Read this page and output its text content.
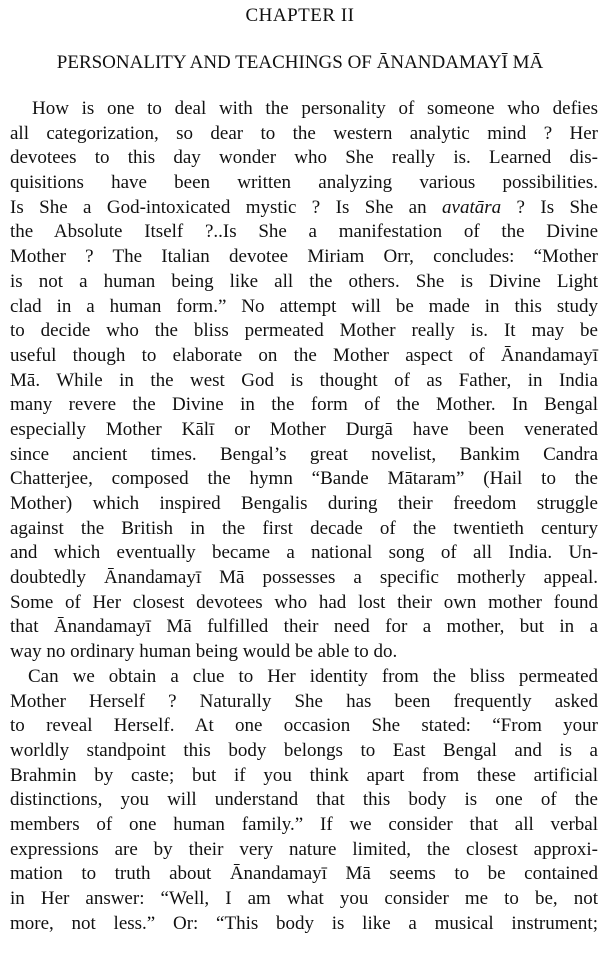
CHAPTER II
PERSONALITY AND TEACHINGS OF ĀNANDAMAYĪ MĀ
How is one to deal with the personality of someone who defies
all categorization, so dear to the western analytic mind ? Her
devotees to this day wonder who She really is. Learned dis-
quisitions have been written analyzing various possibilities.
Is She a God-intoxicated mystic ? Is She an avatāra ? Is She
the Absolute Itself ?..Is She a manifestation of the Divine
Mother ? The Italian devotee Miriam Orr, concludes: “Mother
is not a human being like all the others. She is Divine Light
clad in a human form.” No attempt will be made in this study
to decide who the bliss permeated Mother really is. It may be
useful though to elaborate on the Mother aspect of Ānandamayī
Mā. While in the west God is thought of as Father, in India
many revere the Divine in the form of the Mother. In Bengal
especially Mother Kālī or Mother Durgā have been venerated
since ancient times. Bengal’s great novelist, Bankim Candra
Chatterjee, composed the hymn “Bande Mātaram” (Hail to the
Mother) which inspired Bengalis during their freedom struggle
against the British in the first decade of the twentieth century
and which eventually became a national song of all India. Un-
doubtedly Ānandamayī Mā possesses a specific motherly appeal.
Some of Her closest devotees who had lost their own mother found
that Ānandamayī Mā fulfilled their need for a mother, but in a
way no ordinary human being would be able to do.
Can we obtain a clue to Her identity from the bliss permeated
Mother Herself ? Naturally She has been frequently asked
to reveal Herself. At one occasion She stated: “From your
worldly standpoint this body belongs to East Bengal and is a
Brahmin by caste; but if you think apart from these artificial
distinctions, you will understand that this body is one of the
members of one human family.” If we consider that all verbal
expressions are by their very nature limited, the closest approxi-
mation to truth about Ānandamayī Mā seems to be contained
in Her answer: “Well, I am what you consider me to be, not
more, not less.” Or: “This body is like a musical instrument;
